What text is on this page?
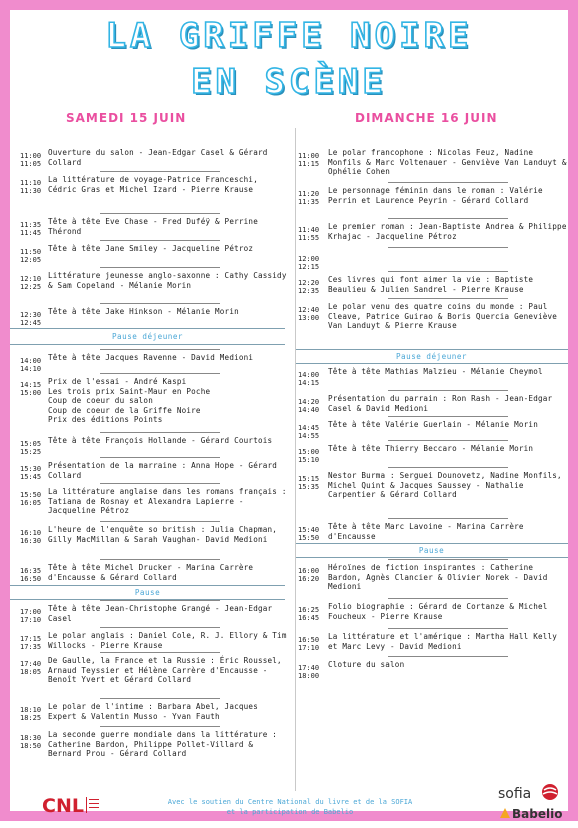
LA GRIFFE NOIRE
EN SCÈNE
SAMEDI 15 JUIN	DIMANCHE 16 JUIN
11:00
11:05
Ouverture du salon - Jean-Edgar Casel & Gérard Collard
11:10
11:30
La littérature de voyage-Patrice Franceschi, Cédric Gras et Michel Izard - Pierre Krause
11:35
11:45
Tête à tête Eve Chase - Fred Duféÿ & Perrine Thérond
11:50
12:05
Tête à tête Jane Smiley - Jacqueline Pétroz
12:10
12:25
Littérature jeunesse anglo-saxonne : Cathy Cassidy & Sam Copeland - Mélanie Morin
12:30
12:45
Tête à tête Jake Hinkson - Mélanie Morin
14:00
14:10
Tête à tête Jacques Ravenne - David Medioni
14:15
15:00
Prix de l'essai - André Kaspi
Les trois prix Saint-Maur en Poche
Coup de coeur du salon
Coup de coeur de la Griffe Noire
Prix des éditions Points
15:05
15:25
Tête à tête François Hollande - Gérard Courtois
15:30
15:45
Présentation de la marraine : Anna Hope - Gérard Collard
15:50
16:05
La littérature anglaise dans les romans français : Tatiana de Rosnay et Alexandra Lapierre - Jacqueline Pétroz
16:10
16:30
L'heure de l'enquête so british : Julia Chapman, Gilly MacMillan & Sarah Vaughan- David Medioni
16:35
16:50
Tête à tête Michel Drucker - Marina Carrère d'Encausse & Gérard Collard
17:00
17:10
Tête à tête Jean-Christophe Grangé - Jean-Edgar Casel
17:15
17:35
Le polar anglais : Daniel Cole, R. J. Ellory & Tim Willocks - Pierre Krause
17:40
18:05
De Gaulle, la France et la Russie : Éric Roussel, Arnaud Teyssier et Hélène Carrère d'Encausse - Benoît Yvert et Gérard Collard
18:10
18:25
Le polar de l'intime : Barbara Abel, Jacques Expert & Valentin Musso - Yvan Fauth
18:30
18:50
La seconde guerre mondiale dans la littérature : Catherine Bardon, Philippe Pollet-Villard & Bernard Prou - Gérard Collard
11:00
11:15
Le polar francophone : Nicolas Feuz, Nadine Monfils & Marc Voltenauer - Genviève Van Landuyt & Ophélie Cohen
11:20
11:35
Le personnage féminin dans le roman : Valérie Perrin et Laurence Peyrin - Gérard Collard
11:40
11:55
Le premier roman : Jean-Baptiste Andrea & Philippe Krhajac - Jacqueline Pétroz
12:00
12:15
12:20
12:35
Ces livres qui font aimer la vie : Baptiste Beaulieu & Julien Sandrel - Pierre Krause
12:40
13:00
Le polar venu des quatre coins du monde : Paul Cleave, Patrice Guirao & Boris Quercia Geneviève Van Landuyt & Pierre Krause
14:00
14:15
Tête à tête Mathias Malzieu - Mélanie Cheymol
14:20
14:40
Présentation du parrain : Ron Rash - Jean-Edgar Casel & David Medioni
14:45
14:55
Tête à tête Valérie Guerlain - Mélanie Morin
15:00
15:10
Tête à tête Thierry Beccaro - Mélanie Morin
15:15
15:35
Nestor Burma : Serguei Dounovetz, Nadine Monfils, Michel Quint & Jacques Saussey - Nathalie Carpentier & Gérard Collard
15:40
15:50
Tête à tête Marc Lavoine - Marina Carrère d'Encausse
16:00
16:20
Héroïnes de fiction inspirantes : Catherine Bardon, Agnès Clancier & Olivier Norek - David Medioni
16:25
16:45
Folio biographie : Gérard de Cortanze & Michel Foucheux - Pierre Krause
16:50
17:10
La littérature et l'amérique : Martha Hall Kelly et Marc Levy - David Medioni
17:40
18:00
Cloture du salon
Pause déjeuner
Pause
Pause déjeuner
Pause
CNL	Avec le soutien du Centre National du livre et de la SOFIA
et la participation de Babelio
sofia
Babelio
